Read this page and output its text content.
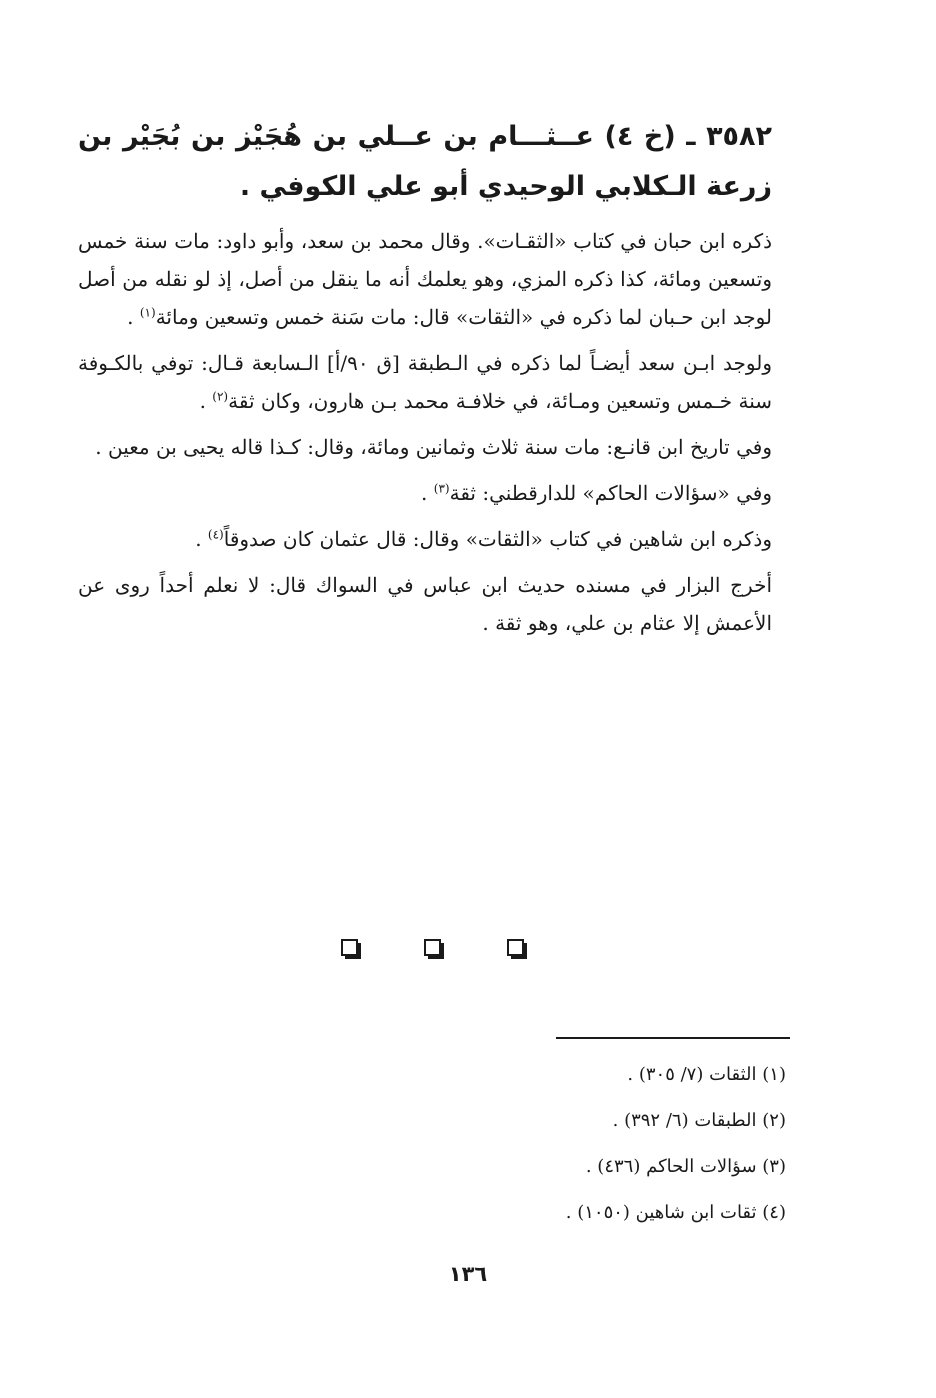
٣٥٨٢ ـ (خ ٤) عــثـــام بن عــلي بن هُجَيْز بن بُجَيْر بن زرعة الـكلابي الوحيدي أبو علي الكوفي .

ذكره ابن حبان في كتاب «الثقـات». وقال محمد بن سعد، وأبو داود: مات سنة خمس وتسعين ومائة، كذا ذكره المزي، وهو يعلمك أنه ما ينقل من أصل، إذ لو نقله من أصل لوجد ابن حـبان لما ذكره في «الثقات» قال: مات سَنة خمس وتسعين ومائة$^{(١)}$ .

ولوجد ابـن سعد أيضـاً لما ذكره في الـطبقة [ق ٩٠/أ] الـسابعة قـال: توفي بالكـوفة سنة خـمس وتسعين ومـائة، في خلافـة محمد بـن هارون، وكان ثقة$^{(٢)}$ .

وفي تاريخ ابن قانـع: مات سنة ثلاث وثمانين ومائة، وقال: كـذا قاله يحيى بن معين .

وفي «سؤالات الحاكم» للدارقطني: ثقة$^{(٣)}$ .

وذكره ابن شاهين في كتاب «الثقات» وقال: قال عثمان كان صدوقاً$^{(٤)}$ .

أخرج البزار في مسنده حديث ابن عباس في السواك قال: لا نعلم أحداً روى عن الأعمش إلا عثام بن علي، وهو ثقة .

(١) الثقات (٧/ ٣٠٥) .

(٢) الطبقات (٦/ ٣٩٢) .

(٣) سؤالات الحاكم (٤٣٦) .

(٤) ثقات ابن شاهين (١٠٥٠) .

١٣٦
